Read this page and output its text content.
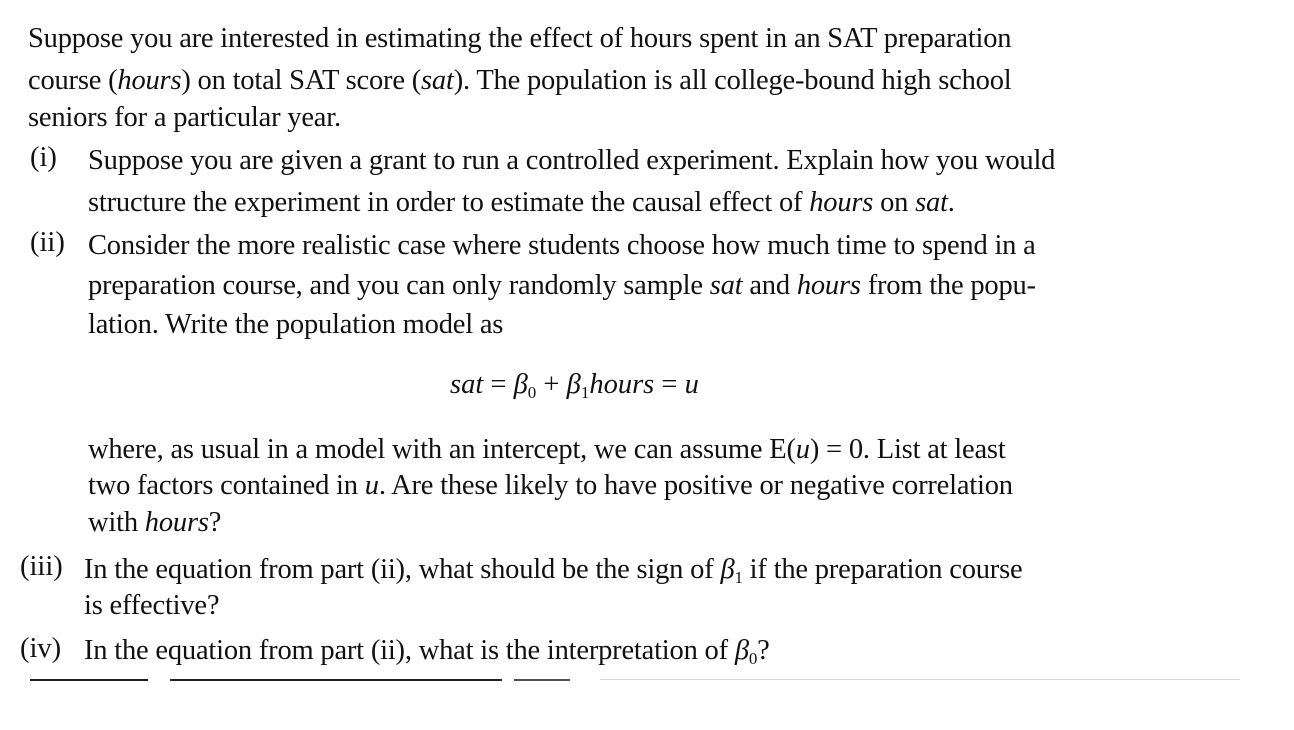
Suppose you are interested in estimating the effect of hours spent in an SAT preparation
course (hours) on total SAT score (sat). The population is all college-bound high school
seniors for a particular year.
(i) Suppose you are given a grant to run a controlled experiment. Explain how you would
structure the experiment in order to estimate the causal effect of hours on sat.
(ii) Consider the more realistic case where students choose how much time to spend in a
preparation course, and you can only randomly sample sat and hours from the popu-
lation. Write the population model as
sat = $\beta_0$ + $\beta_1hours = u$
where, as usual in a model with an intercept, we can assume E(u) = 0. List at least
two factors contained in u. Are these likely to have positive or negative correlation
with hours?
(iii) In the equation from part (ii), what should be the sign of $\beta_1$ if the preparation course
is effective?
(iv) In the equation from part (ii), what is the interpretation of $\beta_0$?
